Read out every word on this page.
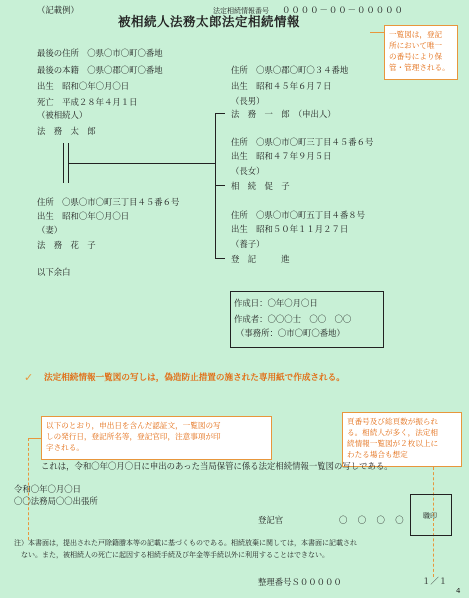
（記載例）	法定相続情報番号 ００００－００－０００００
被相続人法務太郎法定相続情報
一覧図は，登記
所において唯一
の番号により保
管・管理される。
最後の住所　〇県〇市〇町〇番地
最後の本籍　〇県〇郡〇町〇番地
出生　昭和〇年〇月〇日
死亡　平成２８年４月１日
（被相続人）
法　務　太　郎
住所　〇県〇市〇町三丁目４５番６号
出生　昭和〇年〇月〇日
（妻）
法　務　花　子
以下余白
住所　〇県〇郡〇町〇３４番地
出生　昭和４５年６月７日
（長男）
法　務　一　郎　（申出人）
住所　〇県〇市〇町三丁目４５番６号
出生　昭和４７年９月５日
（長女）
相　続　促　子
住所　〇県〇市〇町五丁目４番８号
出生　昭和５０年１１月２７日
（養子）
登　記　　　進
作成日：〇年〇月〇日
作成者：〇〇〇士　〇〇　〇〇
（事務所：〇市〇町〇番地）
✓ 法定相続情報一覧図の写しは，偽造防止措置の施された専用紙で作成される。
以下のとおり，申出日を含んだ認証文，一覧図の写
しの発行日，登記所名等，登記官印，注意事項が印
字される。
頁番号及び総頁数が振られ
る。相続人が多く，法定相
続情報一覧図が２枚以上に
わたる場合も想定
これは，令和〇年〇月〇日に申出のあった当局保管に係る法定相続情報一覧図の写しである。
令和〇年〇月〇日
〇〇法務局〇〇出張所
登記官	〇　〇　〇　〇	職印
注）本書面は，提出された戸除籍謄本等の記載に基づくものである。相続放棄に関しては，本書面に記載され
　ない。また，被相続人の死亡に起因する相続手続及び年金等手続以外に利用することはできない。
整理番号Ｓ０００００	１／１
4
